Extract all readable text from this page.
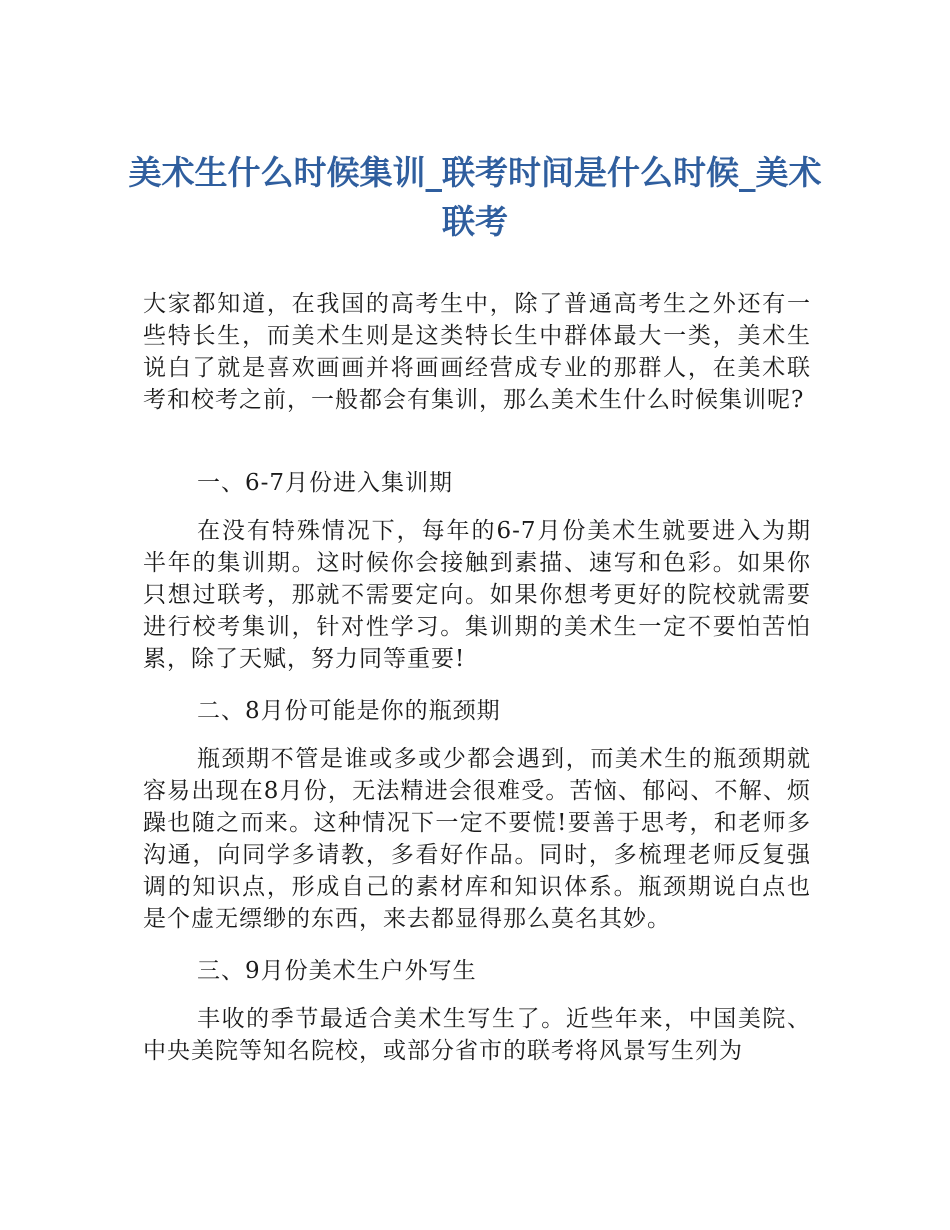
美术生什么时候集训_联考时间是什么时候_美术联考

大家都知道，在我国的高考生中，除了普通高考生之外还有一些特长生，而美术生则是这类特长生中群体最大一类，美术生说白了就是喜欢画画并将画画经营成专业的那群人，在美术联考和校考之前，一般都会有集训，那么美术生什么时候集训呢?

一、6-7月份进入集训期

在没有特殊情况下，每年的6-7月份美术生就要进入为期半年的集训期。这时候你会接触到素描、速写和色彩。如果你只想过联考，那就不需要定向。如果你想考更好的院校就需要进行校考集训，针对性学习。集训期的美术生一定不要怕苦怕累，除了天赋，努力同等重要!

二、8月份可能是你的瓶颈期

瓶颈期不管是谁或多或少都会遇到，而美术生的瓶颈期就容易出现在8月份，无法精进会很难受。苦恼、郁闷、不解、烦躁也随之而来。这种情况下一定不要慌!要善于思考，和老师多沟通，向同学多请教，多看好作品。同时，多梳理老师反复强调的知识点，形成自己的素材库和知识体系。瓶颈期说白点也是个虚无缥缈的东西，来去都显得那么莫名其妙。

三、9月份美术生户外写生

丰收的季节最适合美术生写生了。近些年来，中国美院、中央美院等知名院校，或部分省市的联考将风景写生列为
